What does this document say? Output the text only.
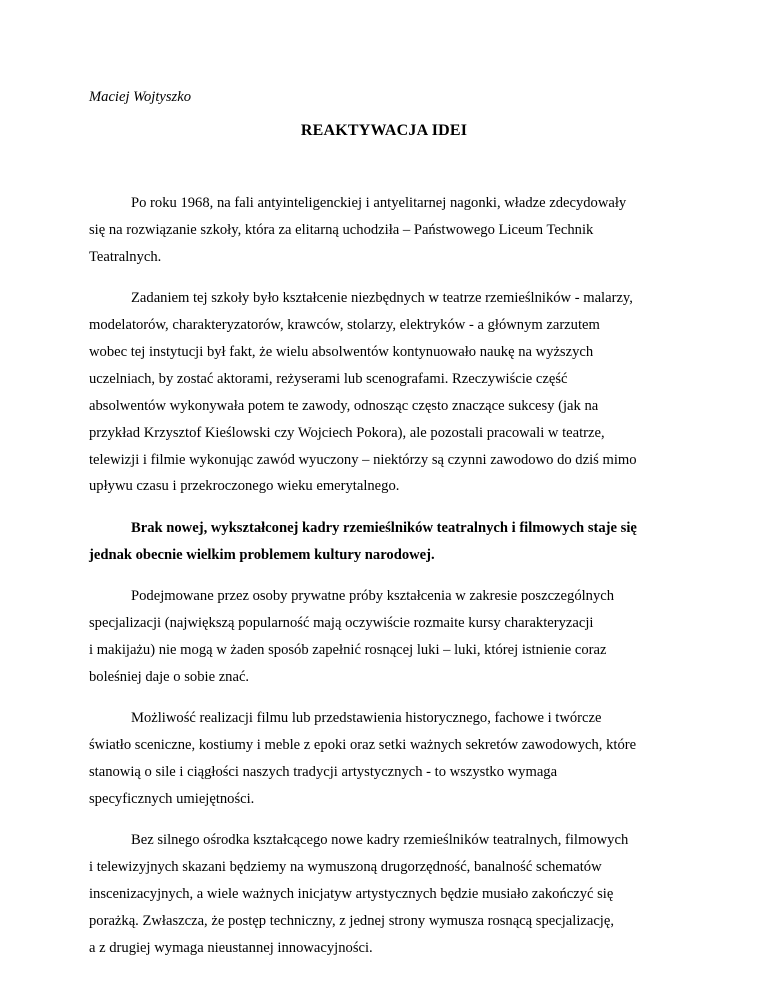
Maciej Wojtyszko
REAKTYWACJA IDEI
Po roku 1968, na fali antyinteligenckiej i antyelitarnej nagonki, władze zdecydowały
się na rozwiązanie szkoły, która za elitarną uchodziła – Państwowego Liceum Technik
Teatralnych.
Zadaniem tej szkoły było kształcenie niezbędnych w teatrze rzemieślników - malarzy,
modelatorów, charakteryzatorów, krawców, stolarzy, elektryków - a głównym zarzutem
wobec tej instytucji był fakt, że wielu absolwentów kontynuowało naukę na wyższych
uczelniach, by zostać aktorami, reżyserami lub scenografami. Rzeczywiście część
absolwentów wykonywała potem te zawody, odnosząc często znaczące sukcesy (jak na
przykład Krzysztof Kieślowski czy Wojciech Pokora), ale pozostali pracowali w teatrze,
telewizji i filmie wykonując zawód wyuczony – niektórzy są czynni zawodowo do dziś mimo
upływu czasu i przekroczonego wieku emerytalnego.
Brak nowej, wykształconej kadry rzemieślników teatralnych i filmowych staje się
jednak obecnie wielkim problemem kultury narodowej.
Podejmowane przez osoby prywatne próby kształcenia w zakresie poszczególnych
specjalizacji (największą popularność mają oczywiście rozmaite kursy charakteryzacji
i makijażu) nie mogą w żaden sposób zapełnić rosnącej luki – luki, której istnienie coraz
boleśniej daje o sobie znać.
Możliwość realizacji filmu lub przedstawienia historycznego, fachowe i twórcze
światło sceniczne, kostiumy i meble z epoki oraz setki ważnych sekretów zawodowych, które
stanowią o sile i ciągłości naszych tradycji artystycznych - to wszystko wymaga
specyficznych umiejętności.
Bez silnego ośrodka kształcącego nowe kadry rzemieślników teatralnych, filmowych
i telewizyjnych skazani będziemy na wymuszoną drugorzędność, banalność schematów
inscenizacyjnych, a wiele ważnych inicjatyw artystycznych będzie musiało zakończyć się
porażką. Zwłaszcza, że postęp techniczny, z jednej strony wymusza rosnącą specjalizację,
a z drugiej wymaga nieustannej innowacyjności.
